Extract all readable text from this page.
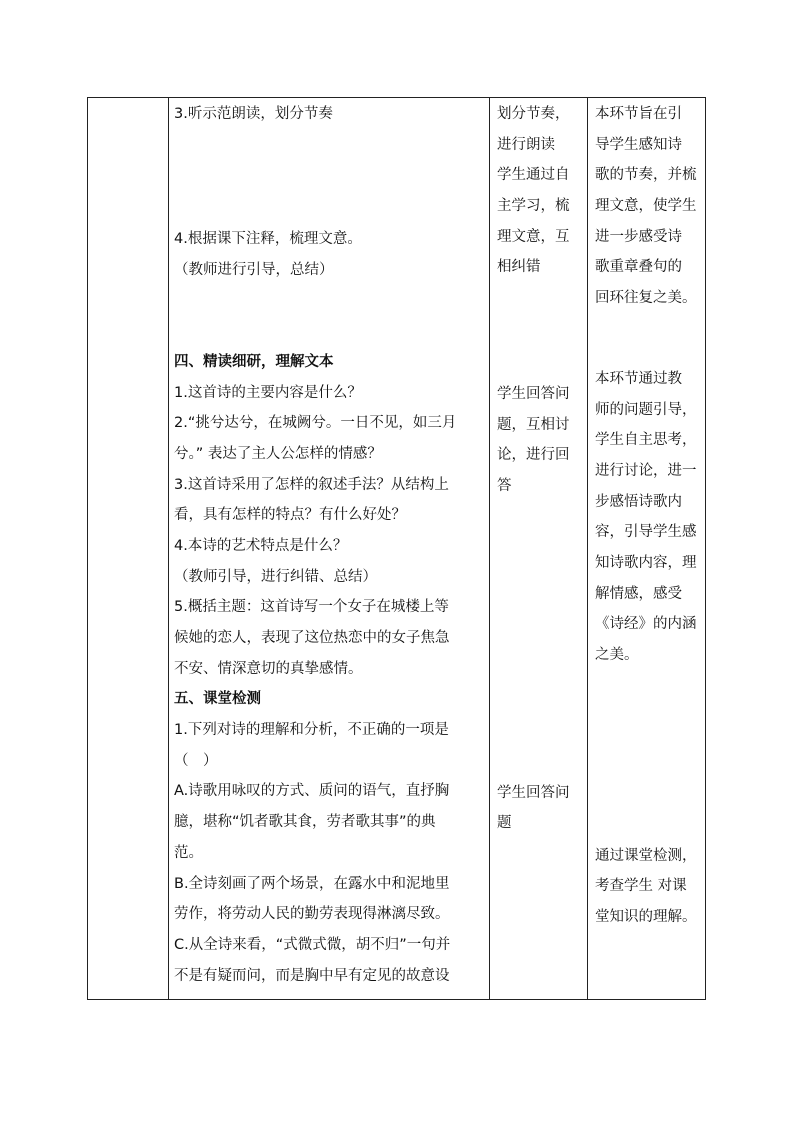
3.听示范朗读，划分节奏
4.根据课下注释，梳理文意。
（教师进行引导，总结）
四、精读细研，理解文本
1.这首诗的主要内容是什么？
2.“挑兮达兮，在城阙兮。一日不见，如三月
兮。” 表达了主人公怎样的情感？
3.这首诗采用了怎样的叙述手法？从结构上
看，具有怎样的特点？有什么好处？
4.本诗的艺术特点是什么？
（教师引导，进行纠错、总结）
5.概括主题：这首诗写一个女子在城楼上等
候她的恋人，表现了这位热恋中的女子焦急
不安、情深意切的真挚感情。
五、课堂检测
1.下列对诗的理解和分析，不正确的一项是
（　）
A.诗歌用咏叹的方式、质问的语气，直抒胸
臆，堪称“饥者歌其食，劳者歌其事”的典
范。
B.全诗刻画了两个场景，在露水中和泥地里
劳作，将劳动人民的勤劳表现得淋漓尽致。
C.从全诗来看，“式微式微，胡不归”一句并
不是有疑而问，而是胸中早有定见的故意设
划分节奏，
进行朗读
学生通过自
主学习，梳
理文意，互
相纠错
学生回答问
题，互相讨
论，进行回
答
学生回答问
题
本环节旨在引
导学生感知诗
歌的节奏，并梳
理文意，使学生
进一步感受诗
歌重章叠句的
回环往复之美。
本环节通过教
师的问题引导，
学生自主思考，
进行讨论，进一
步感悟诗歌内
容，引导学生感
知诗歌内容，理
解情感，感受
《诗经》的内涵
之美。
通过课堂检测，
考查学生 对课
堂知识的理解。
